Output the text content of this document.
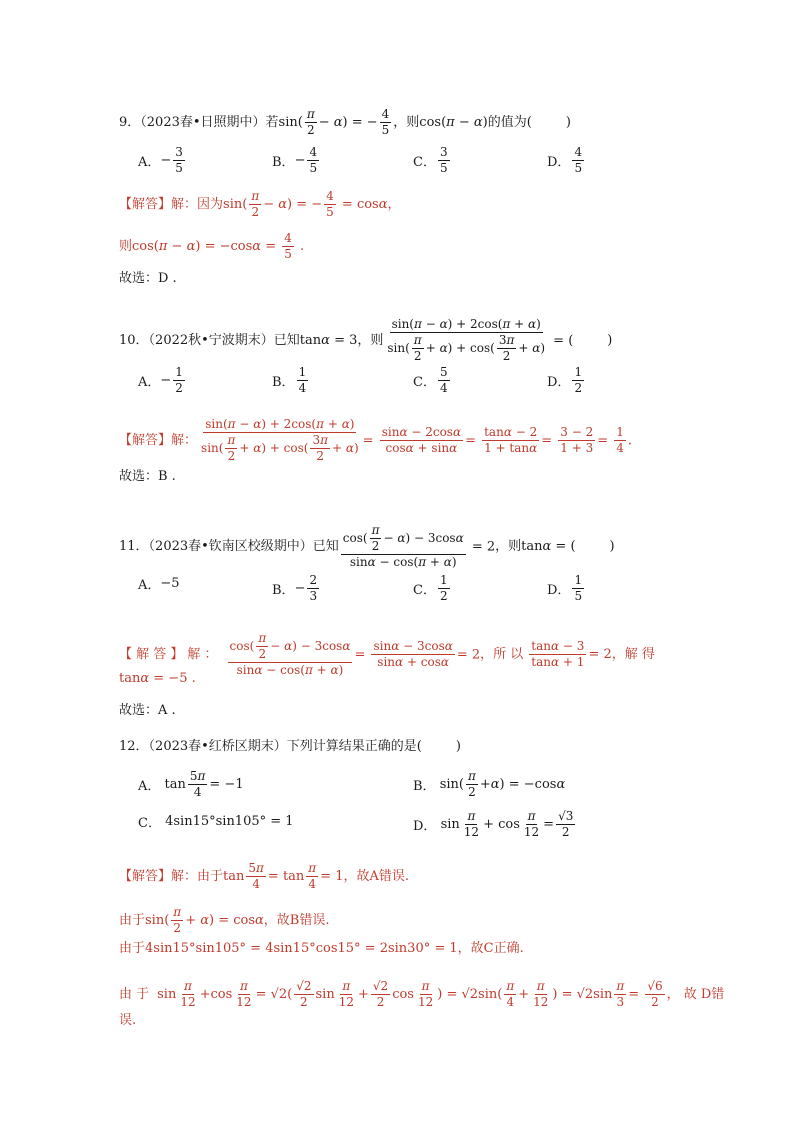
9．（2023春•日照期中）若 $\sin( \frac{\pi}{2} - \alpha)$ = − $\frac{4}{5}$ ，则 cos(π − α) 的值为(	)
A． − $\frac{3}{5}$	B． − $\frac{4}{5}$	C． $\frac{3}{5}$	D． $\frac{4}{5}$
【解答】 解：因为 $\sin( \frac{\pi}{2} - \alpha)$ = − $\frac{4}{5} = \cos\alpha$，
则 $\cos(\pi - \alpha) = -\cos\alpha = \frac{4}{5}$ .
故选：D .
10．（2022秋•宁波期末）已知 tanα = 3 ，则 $\frac{\sin(\pi - \alpha) + 2\cos(\pi + \alpha)}{\sin( \frac{\pi}{2} + \alpha) + \cos( \frac{3\pi}{2} + \alpha)}$ = (	)
A． − $\frac{1}{2}$	B． $\frac{1}{4}$	C． $\frac{5}{4}$	D． $\frac{1}{2}$
【解答】 解： $\frac{\sin(\pi - \alpha) + 2\cos(\pi + \alpha)}{\sin( \frac{\pi}{2} + \alpha) + \cos( \frac{3\pi}{2} + \alpha)} = \frac{\sin\alpha - 2\cos\alpha}{\cos\alpha + \sin\alpha} = \frac{\tan\alpha - 2}{1 + \tan\alpha} = \frac{3 - 2}{1 + 3} = \frac{1}{4}$ .
故选：B .
11．（2023春•钦南区校级期中）已知 $\frac{\cos( \frac{\pi}{2} - \alpha) - 3\cos\alpha}{\sin\alpha - \cos(\pi + \alpha)} = 2$ ，则 tanα = (	)
A． −5	B． − $\frac{2}{3}$	C． $\frac{1}{2}$	D． $\frac{1}{5}$
【 解 答 】 解 ： $\frac{\cos( \frac{\pi}{2} - \alpha) - 3\cos\alpha}{\sin\alpha - \cos(\pi + \alpha)} = \frac{\sin\alpha - 3\cos\alpha}{\sin\alpha + \cos\alpha} = 2$ ，所 以 $\frac{\tan\alpha - 3}{\tan\alpha + 1} = 2$ ，解 得
tan α = −5 .
故选：A .
12．（2023春•红桥区期末）下列计算结果正确的是(	)
A． $\tan \frac{5\pi}{4} = -1$	B． $\sin( \frac{\pi}{2} + \alpha$ ) = −cos α
C．
4sin15°sin105° = 1	D． $\sin \frac{\pi}{12} + \cos \frac{\pi}{12} = \frac{√3}{2}$
【解答】 解：由于 $\tan \frac{5\pi}{4} = \tan \frac{\pi}{4} = 1$ ，故A错误.
由于 $\sin( \frac{\pi}{2} + \alpha) = \cos\alpha$ ，故B错误.
由于 4sin15°sin105° = 4sin15°cos15° = 2sin30° = 1 ，故C正确.
由 于 $\sin \frac{\pi}{12} +\cos \frac{\pi}{12} = √2( \frac{√2}{2}$ $\sin \frac{\pi}{12} + \frac{√2}{2}$ $\cos \frac{\pi}{12}$ ) = $√2\sin( \frac{\pi}{4} + \frac{\pi}{12}$ ) = $√2\sin \frac{\pi}{3} = \frac{√6}{2}$ ， 故 D错
误.
